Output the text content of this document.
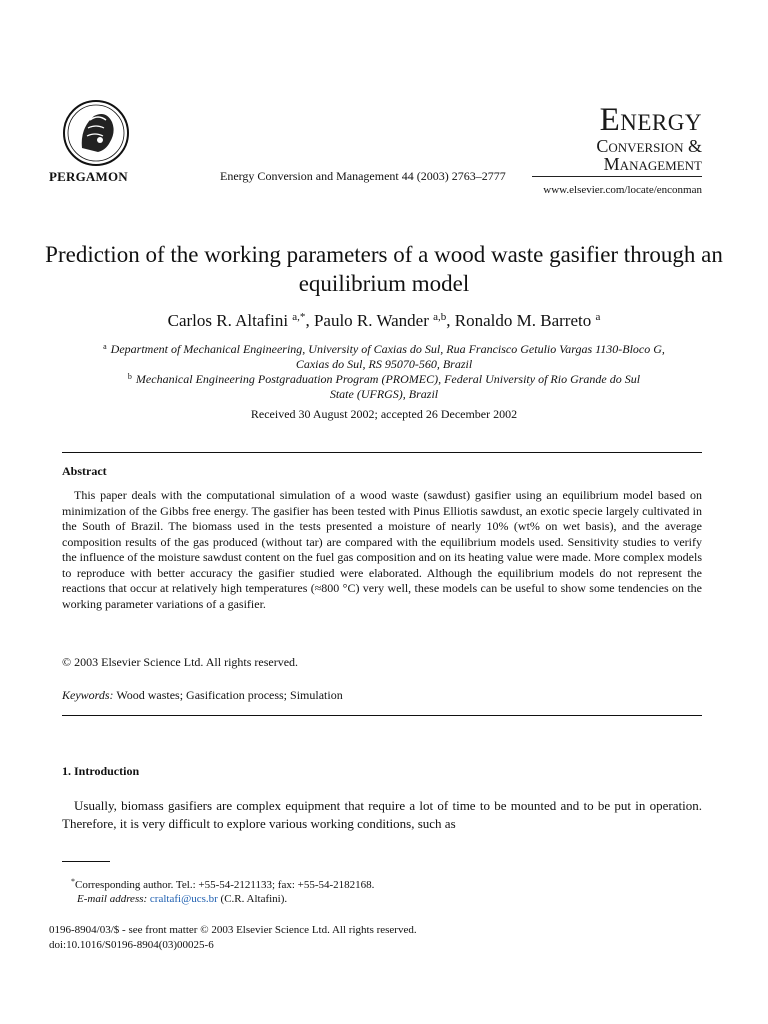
PERGAMON	Energy Conversion and Management 44 (2003) 2763–2777
Energy
Conversion &
Management
www.elsevier.com/locate/enconman
Prediction of the working parameters of a wood waste gasifier through an equilibrium model
Carlos R. Altafini $^{a,*}$, Paulo R. Wander $^{a,b}$, Ronaldo M. Barreto $^a$
$^a$ Department of Mechanical Engineering, University of Caxias do Sul, Rua Francisco Getulio Vargas 1130-Bloco G,
Caxias do Sul, RS 95070-560, Brazil
$^b$ Mechanical Engineering Postgraduation Program (PROMEC), Federal University of Rio Grande do Sul
State (UFRGS), Brazil
Received 30 August 2002; accepted 26 December 2002
Abstract

This paper deals with the computational simulation of a wood waste (sawdust) gasifier using an equilibrium model based on minimization of the Gibbs free energy. The gasifier has been tested with Pinus Elliotis sawdust, an exotic specie largely cultivated in the South of Brazil. The biomass used in the tests presented a moisture of nearly 10% (wt% on wet basis), and the average composition results of the gas produced (without tar) are compared with the equilibrium models used. Sensitivity studies to verify the influence of the moisture sawdust content on the fuel gas composition and on its heating value were made. More complex models to reproduce with better accuracy the gasifier studied were elaborated. Although the equilibrium models do not represent the reactions that occur at relatively high temperatures (≈800 °C) very well, these models can be useful to show some tendencies on the working parameter variations of a gasifier.

© 2003 Elsevier Science Ltd. All rights reserved.
Keywords: Wood wastes; Gasification process; Simulation
1. Introduction

Usually, biomass gasifiers are complex equipment that require a lot of time to be mounted and to be put in operation. Therefore, it is very difficult to explore various working conditions, such as

*Corresponding author. Tel.: +55-54-2121133; fax: +55-54-2182168.
E-mail address: craltafi@ucs.br (C.R. Altafini).
0196-8904/03/$ - see front matter © 2003 Elsevier Science Ltd. All rights reserved.
doi:10.1016/S0196-8904(03)00025-6
